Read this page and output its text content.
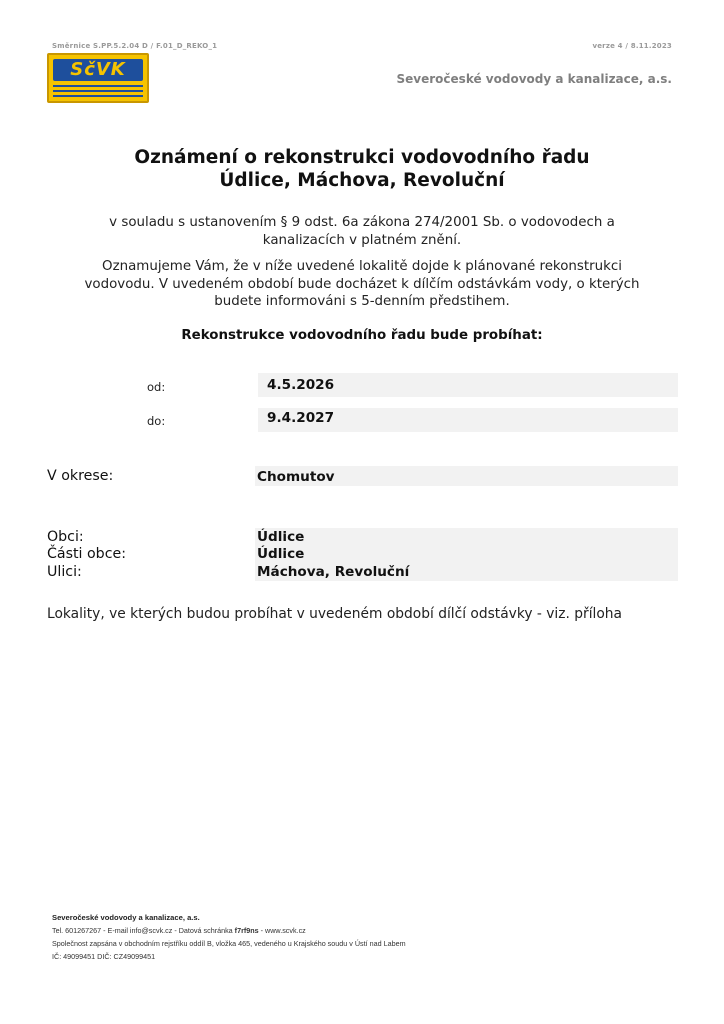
Směrnice S.PP.5.2.04 D / F.01_D_REKO_1	verze 4 / 8.11.2023
SčVK	Severočeské vodovody a kanalizace, a.s.
Oznámení o rekonstrukci vodovodního řadu
Údlice, Máchova, Revoluční
v souladu s ustanovením § 9 odst. 6a zákona 274/2001 Sb. o vodovodech a
kanalizacích v platném znění.
Oznamujeme Vám, že v níže uvedené lokalitě dojde k plánované rekonstrukci
vodovodu. V uvedeném období bude docházet k dílčím odstávkám vody, o kterých
budete informováni s 5-denním předstihem.
Rekonstrukce vodovodního řadu bude probíhat:
od:	4.5.2026
do:	9.4.2027
V okrese:	Chomutov
Obci:	Údlice
Části obce:	Údlice
Ulici:	Máchova, Revoluční
Lokality, ve kterých budou probíhat v uvedeném období dílčí odstávky - viz. příloha
Severočeské vodovody a kanalizace, a.s.
Tel. 601267267 - E-mail info@scvk.cz - Datová schránka f7rf9ns - www.scvk.cz
Společnost zapsána v obchodním rejstříku oddíl B, vložka 465, vedeného u Krajského soudu v Ústí nad Labem
IČ: 49099451 DIČ: CZ49099451
